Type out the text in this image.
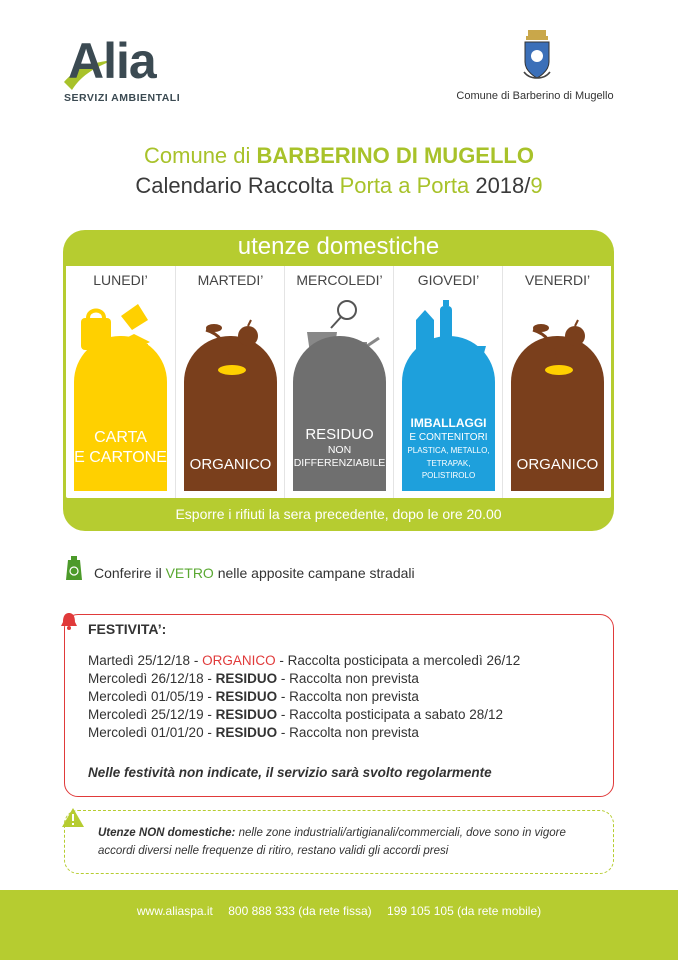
Alia
SERVIZI AMBIENTALI	Comune di Barberino di Mugello
Comune di BARBERINO DI MUGELLO
Calendario Raccolta Porta a Porta 2018/9
utenze domestiche
LUNEDI’
CARTA
E CARTONE
MARTEDI’
ORGANICO
MERCOLEDI’
RESIDUO
NON
DIFFERENZIABILE
GIOVEDI’
IMBALLAGGI
E CONTENITORI
PLASTICA, METALLO,
TETRAPAK, POLISTIROLO
VENERDI’
ORGANICO
Esporre i rifiuti la sera precedente, dopo le ore 20.00
Conferire il VETRO nelle apposite campane stradali
FESTIVITA’:
Martedì 25/12/18 - ORGANICO - Raccolta posticipata a mercoledì 26/12
Mercoledì 26/12/18 - RESIDUO - Raccolta non prevista
Mercoledì 01/05/19 - RESIDUO - Raccolta non prevista
Mercoledì 25/12/19 - RESIDUO - Raccolta posticipata a sabato 28/12
Mercoledì 01/01/20 - RESIDUO - Raccolta non prevista
Nelle festività non indicate, il servizio sarà svolto regolarmente
Utenze NON domestiche: nelle zone industriali/artigianali/commerciali, dove sono in vigore accordi diversi nelle frequenze di ritiro, restano validi gli accordi presi
www.aliaspa.it 800 888 333 (da rete fissa) 199 105 105 (da rete mobile)
